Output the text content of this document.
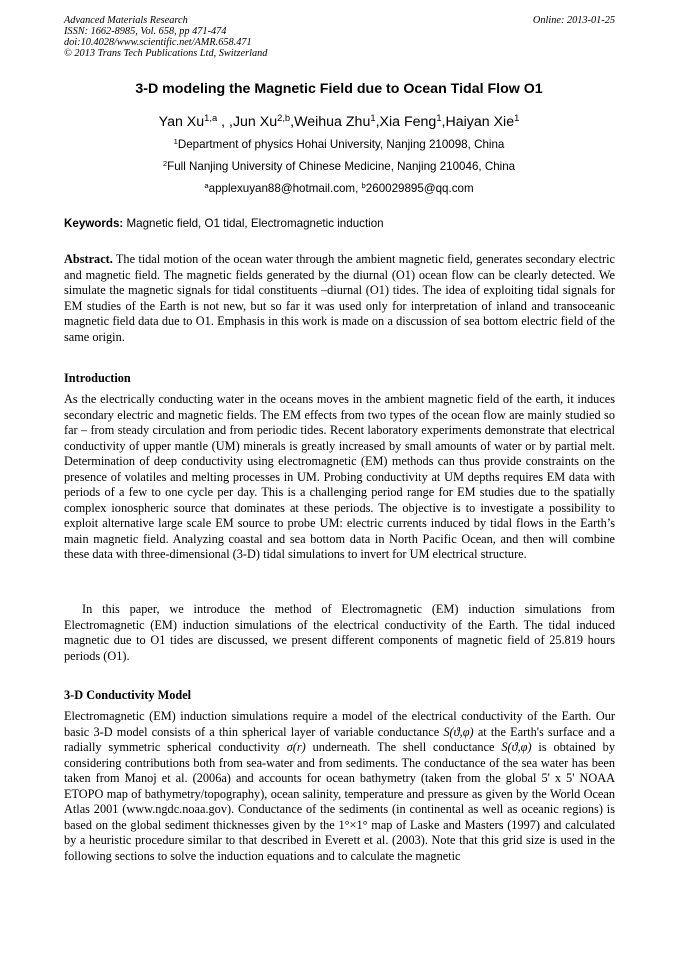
Advanced Materials Research
ISSN: 1662-8985, Vol. 658, pp 471-474
doi:10.4028/www.scientific.net/AMR.658.471
© 2013 Trans Tech Publications Ltd, Switzerland
Online: 2013-01-25
3-D modeling the Magnetic Field due to Ocean Tidal Flow O1
Yan Xu$^{1,a}$ , ,Jun Xu$^{2,b}$,Weihua Zhu$^1$,Xia Feng$^1$,Haiyan Xie$^1$
$^1$Department of physics Hohai University, Nanjing 210098, China
$^2$Full Nanjing University of Chinese Medicine, Nanjing 210046, China
$^a$applexuyan88@hotmail.com, $^b$260029895@qq.com
Keywords: Magnetic field, O1 tidal, Electromagnetic induction

Abstract. The tidal motion of the ocean water through the ambient magnetic field, generates secondary electric and magnetic field. The magnetic fields generated by the diurnal (O1) ocean flow can be clearly detected. We simulate the magnetic signals for tidal constituents –diurnal (O1) tides. The idea of exploiting tidal signals for EM studies of the Earth is not new, but so far it was used only for interpretation of inland and transoceanic magnetic field data due to O1. Emphasis in this work is made on a discussion of sea bottom electric field of the same origin.

Introduction

As the electrically conducting water in the oceans moves in the ambient magnetic field of the earth, it induces secondary electric and magnetic fields. The EM effects from two types of the ocean flow are mainly studied so far – from steady circulation and from periodic tides. Recent laboratory experiments demonstrate that electrical conductivity of upper mantle (UM) minerals is greatly increased by small amounts of water or by partial melt. Determination of deep conductivity using electromagnetic (EM) methods can thus provide constraints on the presence of volatiles and melting processes in UM. Probing conductivity at UM depths requires EM data with periods of a few to one cycle per day. This is a challenging period range for EM studies due to the spatially complex ionospheric source that dominates at these periods. The objective is to investigate a possibility to exploit alternative large scale EM source to probe UM: electric currents induced by tidal flows in the Earth’s main magnetic field. Analyzing coastal and sea bottom data in North Pacific Ocean, and then will combine these data with three-dimensional (3-D) tidal simulations to invert for UM electrical structure.

In this paper, we introduce the method of Electromagnetic (EM) induction simulations from Electromagnetic (EM) induction simulations of the electrical conductivity of the Earth. The tidal induced magnetic due to O1 tides are discussed, we present different components of magnetic field of 25.819 hours periods (O1).

3-D Conductivity Model

Electromagnetic (EM) induction simulations require a model of the electrical conductivity of the Earth. Our basic 3-D model consists of a thin spherical layer of variable conductance S(ϑ,φ) at the Earth's surface and a radially symmetric spherical conductivity σ(r) underneath. The shell conductance S(ϑ,φ) is obtained by considering contributions both from sea-water and from sediments. The conductance of the sea water has been taken from Manoj et al. (2006a) and accounts for ocean bathymetry (taken from the global 5' x 5' NOAA ETOPO map of bathymetry/topography), ocean salinity, temperature and pressure as given by the World Ocean Atlas 2001 (www.ngdc.noaa.gov). Conductance of the sediments (in continental as well as oceanic regions) is based on the global sediment thicknesses given by the 1°×1° map of Laske and Masters (1997) and calculated by a heuristic procedure similar to that described in Everett et al. (2003). Note that this grid size is used in the following sections to solve the induction equations and to calculate the magnetic
